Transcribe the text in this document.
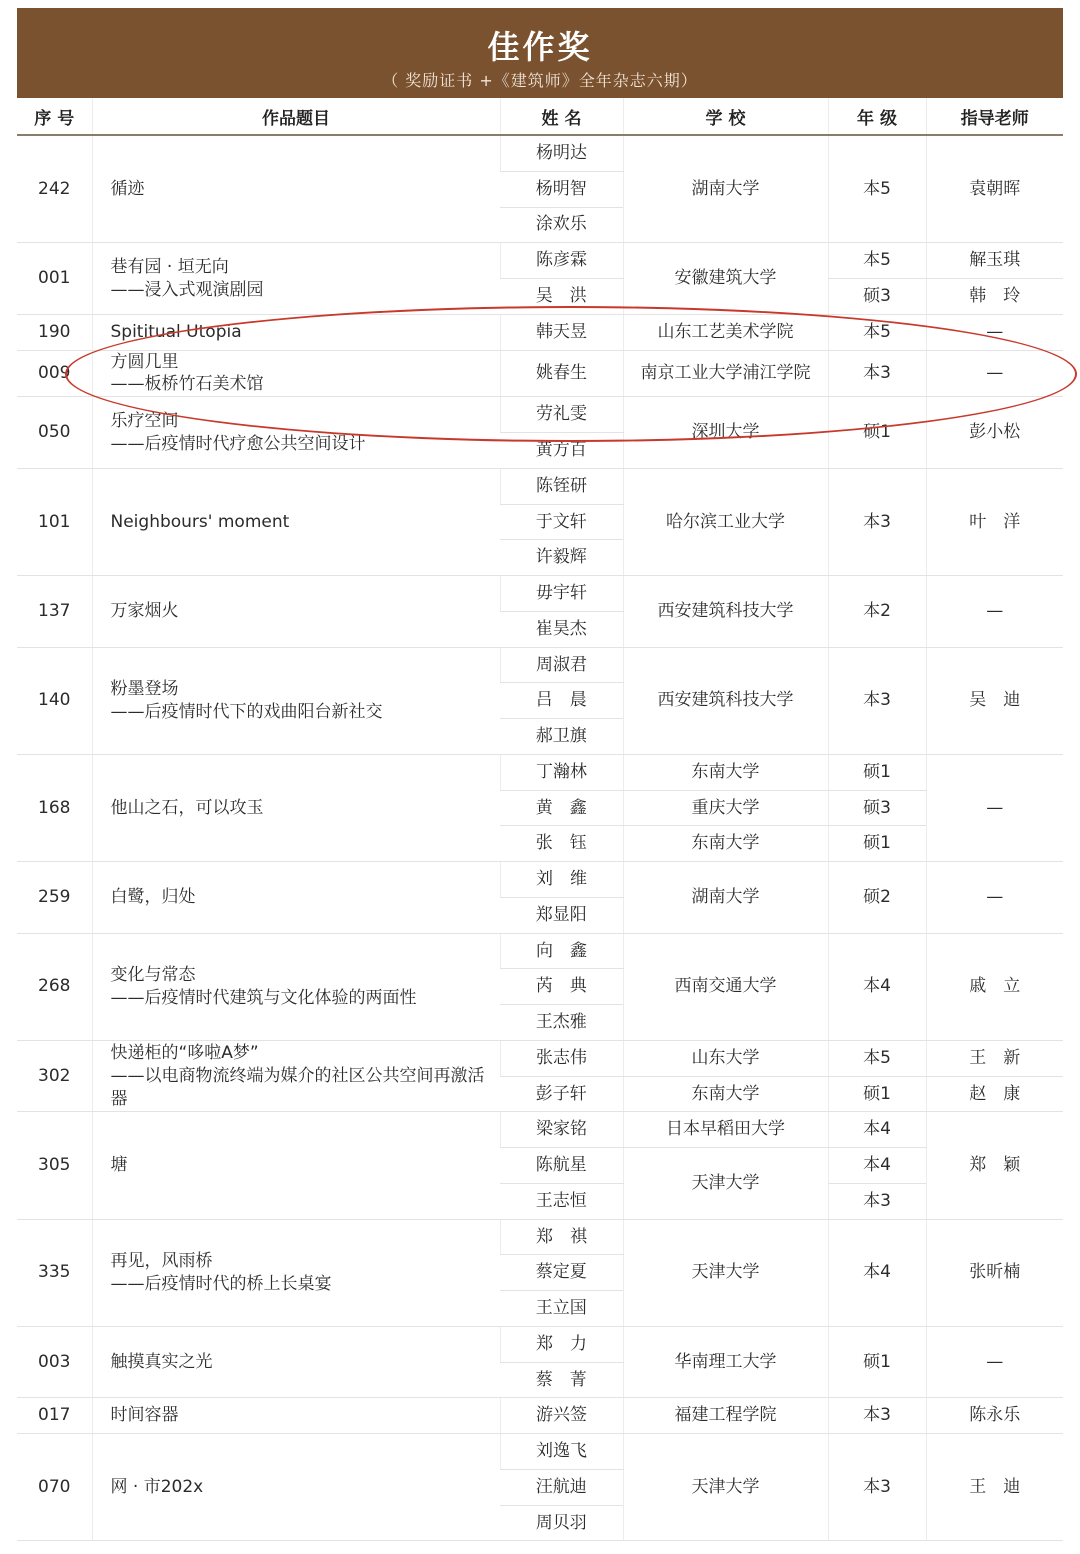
佳作奖
（ 奖励证书 +《建筑师》全年杂志六期）
序 号	作品题目	姓 名	学 校	年 级	指导老师
242	循迹	杨明达	湖南大学	本5	袁朝晖
		杨明智			
		涂欢乐			
001	巷有园 · 垣无向
——浸入式观演剧园	陈彦霖	安徽建筑大学	本5	解玉琪
		吴　洪		硕3	韩　玲
190	Spititual Utopia	韩天昱	山东工艺美术学院	本5	—
009	方圆几里
——板桥竹石美术馆	姚春生	南京工业大学浦江学院	本3	—
050	乐疗空间
——后疫情时代疗愈公共空间设计	劳礼雯	深圳大学	硕1	彭小松
		黄方百			
101	Neighbours' moment	陈铚研	哈尔滨工业大学	本3	叶　洋
		于文轩			
		许毅辉			
137	万家烟火	毋宇轩	西安建筑科技大学	本2	—
		崔昊杰			
140	粉墨登场
——后疫情时代下的戏曲阳台新社交	周淑君	西安建筑科技大学	本3	吴　迪
		吕　晨			
		郝卫旗			
168	他山之石，可以攻玉	丁瀚林	东南大学	硕1	—
		黄　鑫	重庆大学	硕3	
		张　钰	东南大学	硕1	
259	白鹭，归处	刘　维	湖南大学	硕2	—
		郑显阳			
268	变化与常态
——后疫情时代建筑与文化体验的两面性	向　鑫	西南交通大学	本4	戚　立
		芮　典			
		王杰雅			
302	快递柜的“哆啦A梦”
——以电商物流终端为媒介的社区公共空间再激活器	张志伟	山东大学	本5	王　新
		彭子轩	东南大学	硕1	赵　康
305	塘	梁家铭	日本早稻田大学	本4	郑　颖
		陈航星	天津大学	本4	
		王志恒		本3	
335	再见，风雨桥
——后疫情时代的桥上长桌宴	郑　祺	天津大学	本4	张昕楠
		蔡定夏			
		王立国			
003	触摸真实之光	郑　力	华南理工大学	硕1	—
		蔡　菁			
017	时间容器	游兴签	福建工程学院	本3	陈永乐
070	网 · 市202x	刘逸飞	天津大学	本3	王　迪
		汪航迪			
		周贝羽			
